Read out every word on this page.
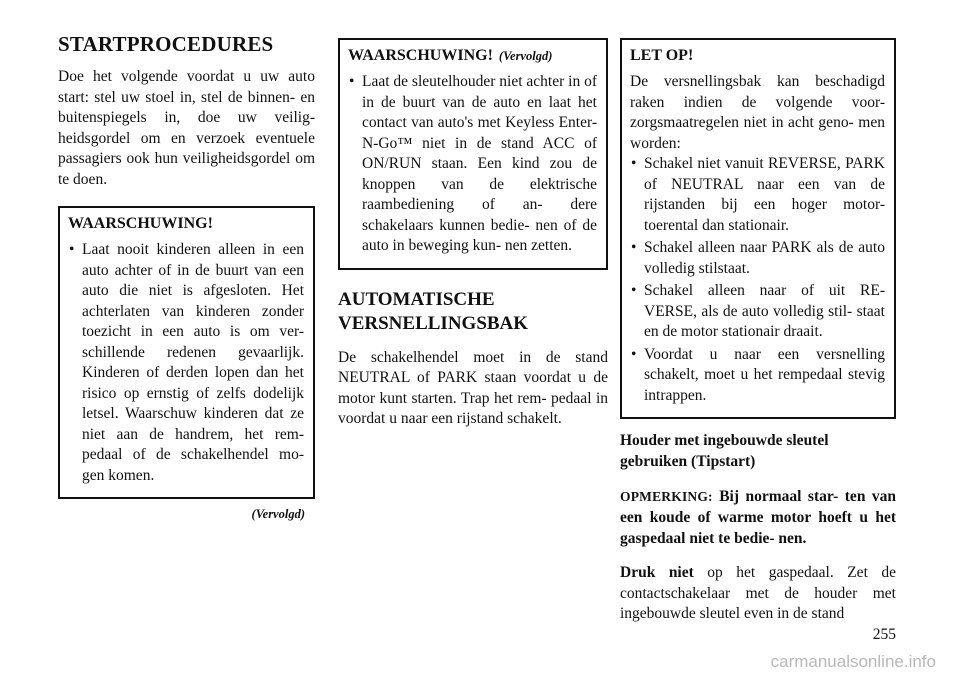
STARTPROCEDURES

Doe het volgende voordat u uw auto start: stel uw stoel in, stel de binnen- en buitenspiegels in, doe uw veilig- heidsgordel om en verzoek eventuele passagiers ook hun veiligheidsgordel om te doen.

WAARSCHUWING!
• Laat nooit kinderen alleen in een auto achter of in de buurt van een auto die niet is afgesloten. Het achterlaten van kinderen zonder toezicht in een auto is om ver- schillende redenen gevaarlijk. Kinderen of derden lopen dan het risico op ernstig of zelfs dodelijk letsel. Waarschuw kinderen dat ze niet aan de handrem, het rem- pedaal of de schakelhendel mo- gen komen.
(Vervolgd)
WAARSCHUWING! (Vervolgd)
• Laat de sleutelhouder niet achter in of in de buurt van de auto en laat het contact van auto's met Keyless Enter-N-Go™ niet in de stand ACC of ON/RUN staan. Een kind zou de knoppen van de elektrische raambediening of an- dere schakelaars kunnen bedie- nen of de auto in beweging kun- nen zetten.
AUTOMATISCHE VERSNELLINGSBAK

De schakelhendel moet in de stand NEUTRAL of PARK staan voordat u de motor kunt starten. Trap het rem- pedaal in voordat u naar een rijstand schakelt.

LET OP!

De versnellingsbak kan beschadigd raken indien de volgende voor- zorgsmaatregelen niet in acht geno- men worden:

• Schakel niet vanuit REVERSE, PARK of NEUTRAL naar een van de rijstanden bij een hoger motor- toerental dan stationair.
• Schakel alleen naar PARK als de auto volledig stilstaat.
• Schakel alleen naar of uit RE- VERSE, als de auto volledig stil- staat en de motor stationair draait.
• Voordat u naar een versnelling schakelt, moet u het rempedaal stevig intrappen.
Houder met ingebouwde sleutel gebruiken (Tipstart)

OPMERKING: Bij normaal star- ten van een koude of warme motor hoeft u het gaspedaal niet te bedie- nen.

Druk niet op het gaspedaal. Zet de contactschakelaar met de houder met ingebouwde sleutel even in de stand

255
carmanualsonline.info
